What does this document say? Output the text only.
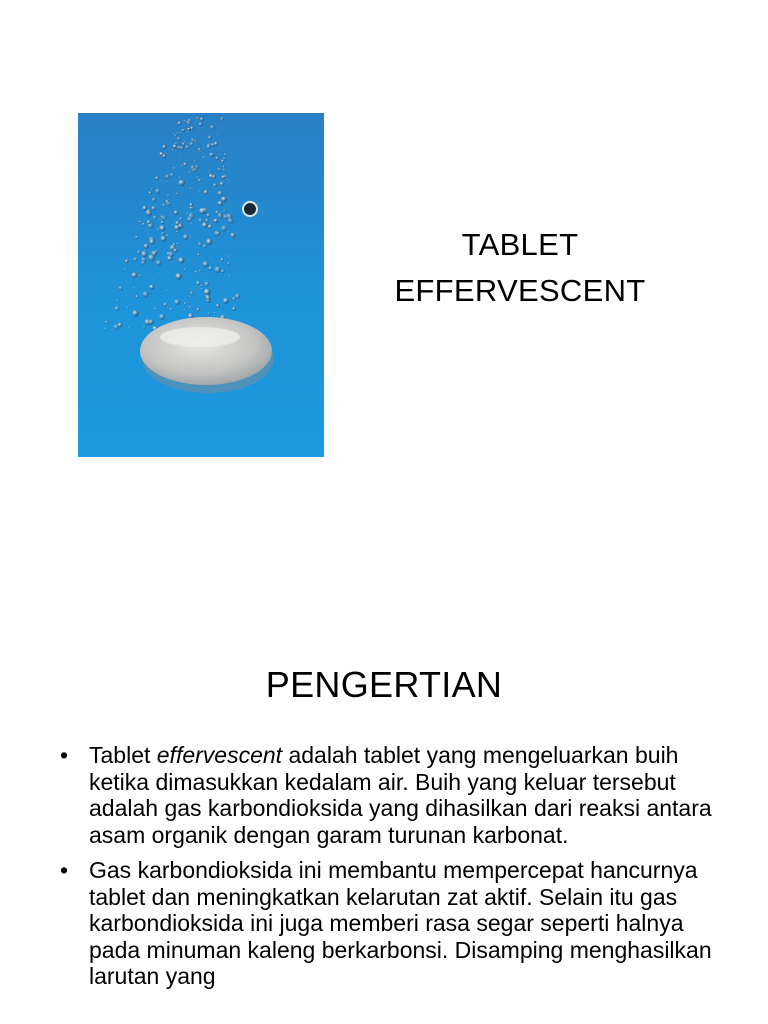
TABLET
EFFERVESCENT
PENGERTIAN
• Tablet effervescent adalah tablet yang mengeluarkan buih ketika dimasukkan kedalam air. Buih yang keluar tersebut adalah gas karbondioksida yang dihasilkan dari reaksi antara asam organik dengan garam turunan karbonat.
• Gas karbondioksida ini membantu mempercepat hancurnya tablet dan meningkatkan kelarutan zat aktif. Selain itu gas karbondioksida ini juga memberi rasa segar seperti halnya pada minuman kaleng berkarbonsi. Disamping menghasilkan larutan yang
